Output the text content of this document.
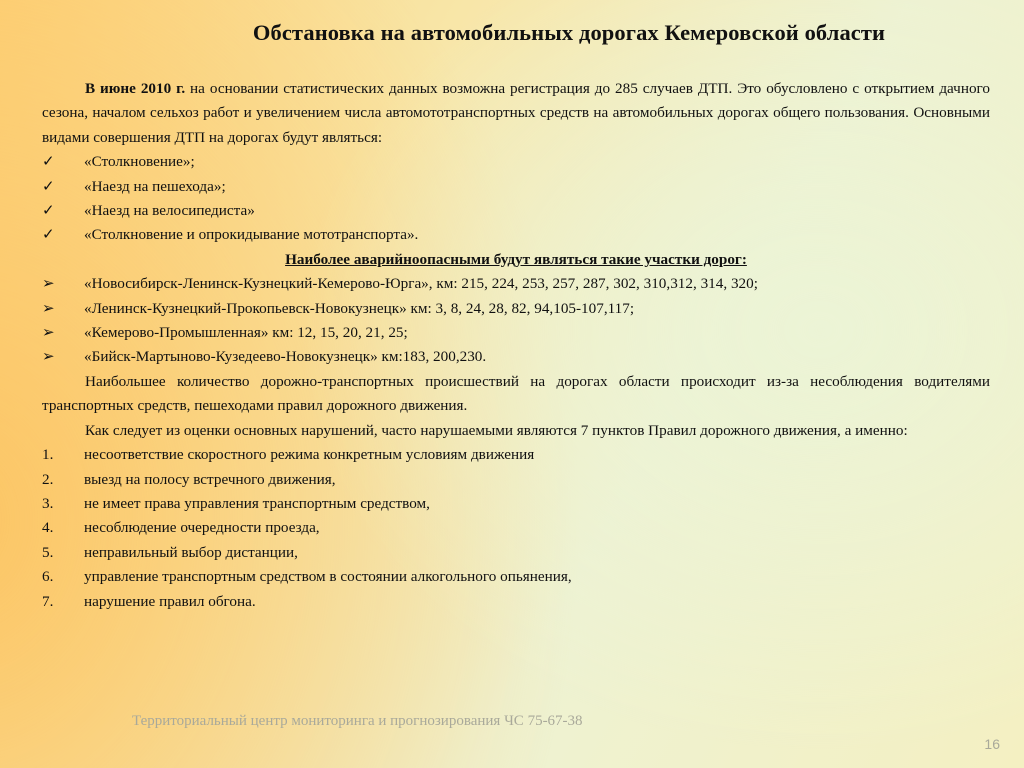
Обстановка на автомобильных дорогах Кемеровской области
В июне 2010 г. на основании статистических данных возможна регистрация до 285 случаев ДТП. Это обусловлено с открытием дачного сезона, началом сельхоз работ и увеличением числа автомототранспортных средств на автомобильных дорогах общего пользования. Основными видами совершения ДТП на дорогах будут являться:
✓	«Столкновение»;
✓	«Наезд на пешехода»;
✓	«Наезд на велосипедиста»
✓	«Столкновение и опрокидывание мототранспорта».
Наиболее аварийноопасными будут являться такие участки дорог:
➢	«Новосибирск-Ленинск-Кузнецкий-Кемерово-Юрга», км: 215, 224, 253, 257, 287, 302, 310,312, 314, 320;
➢	«Ленинск-Кузнецкий-Прокопьевск-Новокузнецк» км: 3, 8, 24, 28, 82, 94,105-107,117;
➢	«Кемерово-Промышленная» км: 12, 15, 20, 21, 25;
➢	«Бийск-Мартыново-Кузедеево-Новокузнецк» км:183, 200,230.
Наибольшее количество дорожно-транспортных происшествий на дорогах области происходит из-за несоблюдения водителями транспортных средств, пешеходами правил дорожного движения.
Как следует из оценки основных нарушений, часто нарушаемыми являются 7 пунктов Правил дорожного движения, а именно:
1.	несоответствие скоростного режима конкретным условиям движения
2.	выезд на полосу встречного движения,
3.	не имеет права управления транспортным средством,
4.	несоблюдение очередности проезда,
5.	неправильный выбор дистанции,
6.	управление транспортным средством в состоянии алкогольного опьянения,
7.	нарушение правил обгона.
Территориальный центр мониторинга и прогнозирования ЧС 75-67-38
16
